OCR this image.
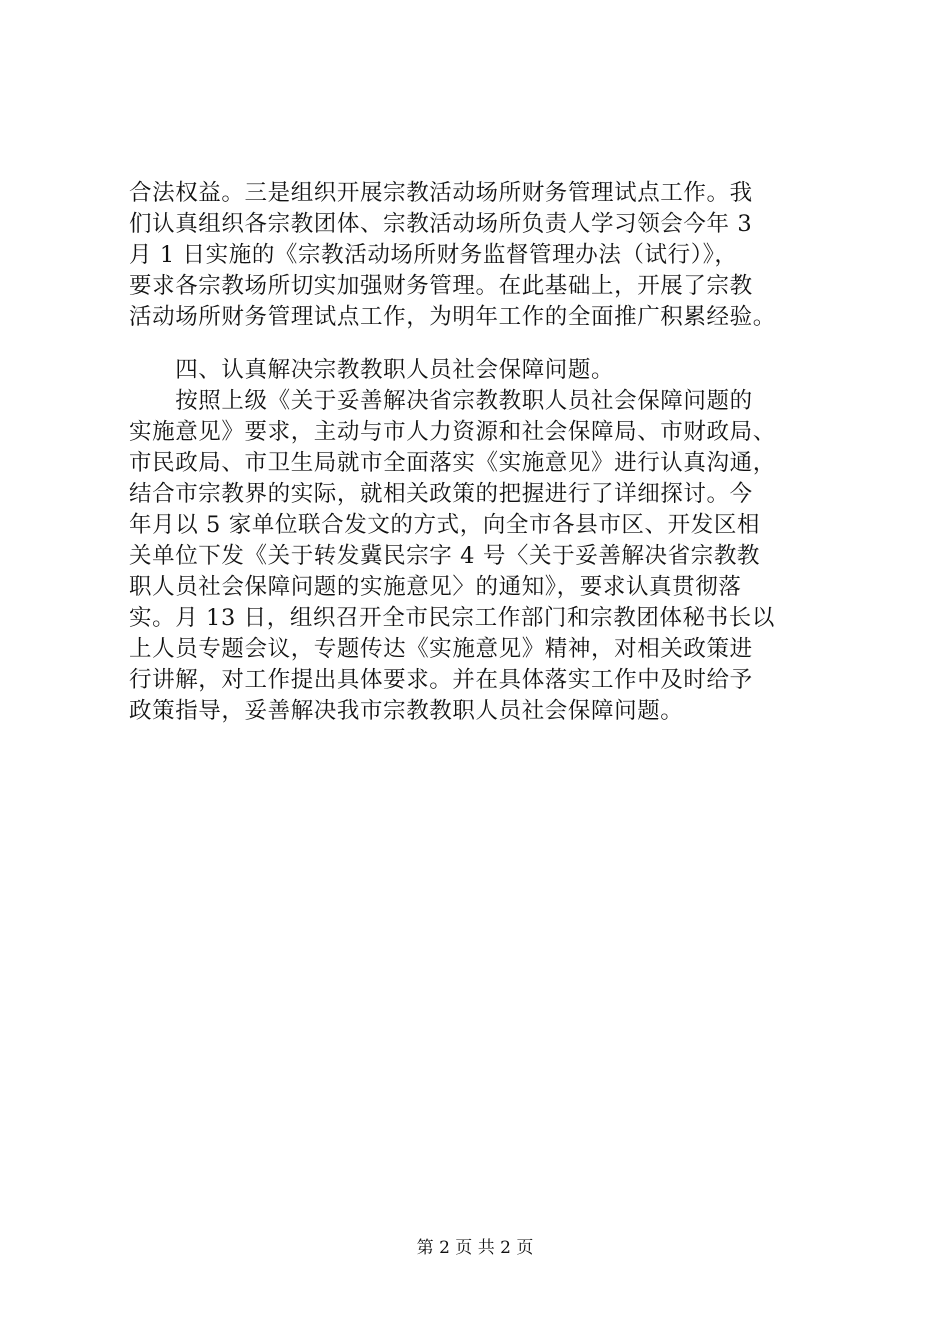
合法权益。三是组织开展宗教活动场所财务管理试点工作。我
们认真组织各宗教团体、宗教活动场所负责人学习领会今年 3
月 1 日实施的《宗教活动场所财务监督管理办法（试行）》，
要求各宗教场所切实加强财务管理。在此基础上，开展了宗教
活动场所财务管理试点工作，为明年工作的全面推广积累经验。
　　四、认真解决宗教教职人员社会保障问题。
　　按照上级《关于妥善解决省宗教教职人员社会保障问题的
实施意见》要求，主动与市人力资源和社会保障局、市财政局、
市民政局、市卫生局就市全面落实《实施意见》进行认真沟通，
结合市宗教界的实际，就相关政策的把握进行了详细探讨。今
年月以 5 家单位联合发文的方式，向全市各县市区、开发区相
关单位下发《关于转发冀民宗字 4 号〈关于妥善解决省宗教教
职人员社会保障问题的实施意见〉的通知》，要求认真贯彻落
实。月 13 日，组织召开全市民宗工作部门和宗教团体秘书长以
上人员专题会议，专题传达《实施意见》精神，对相关政策进
行讲解，对工作提出具体要求。并在具体落实工作中及时给予
政策指导，妥善解决我市宗教教职人员社会保障问题。
第 2 页 共 2 页
